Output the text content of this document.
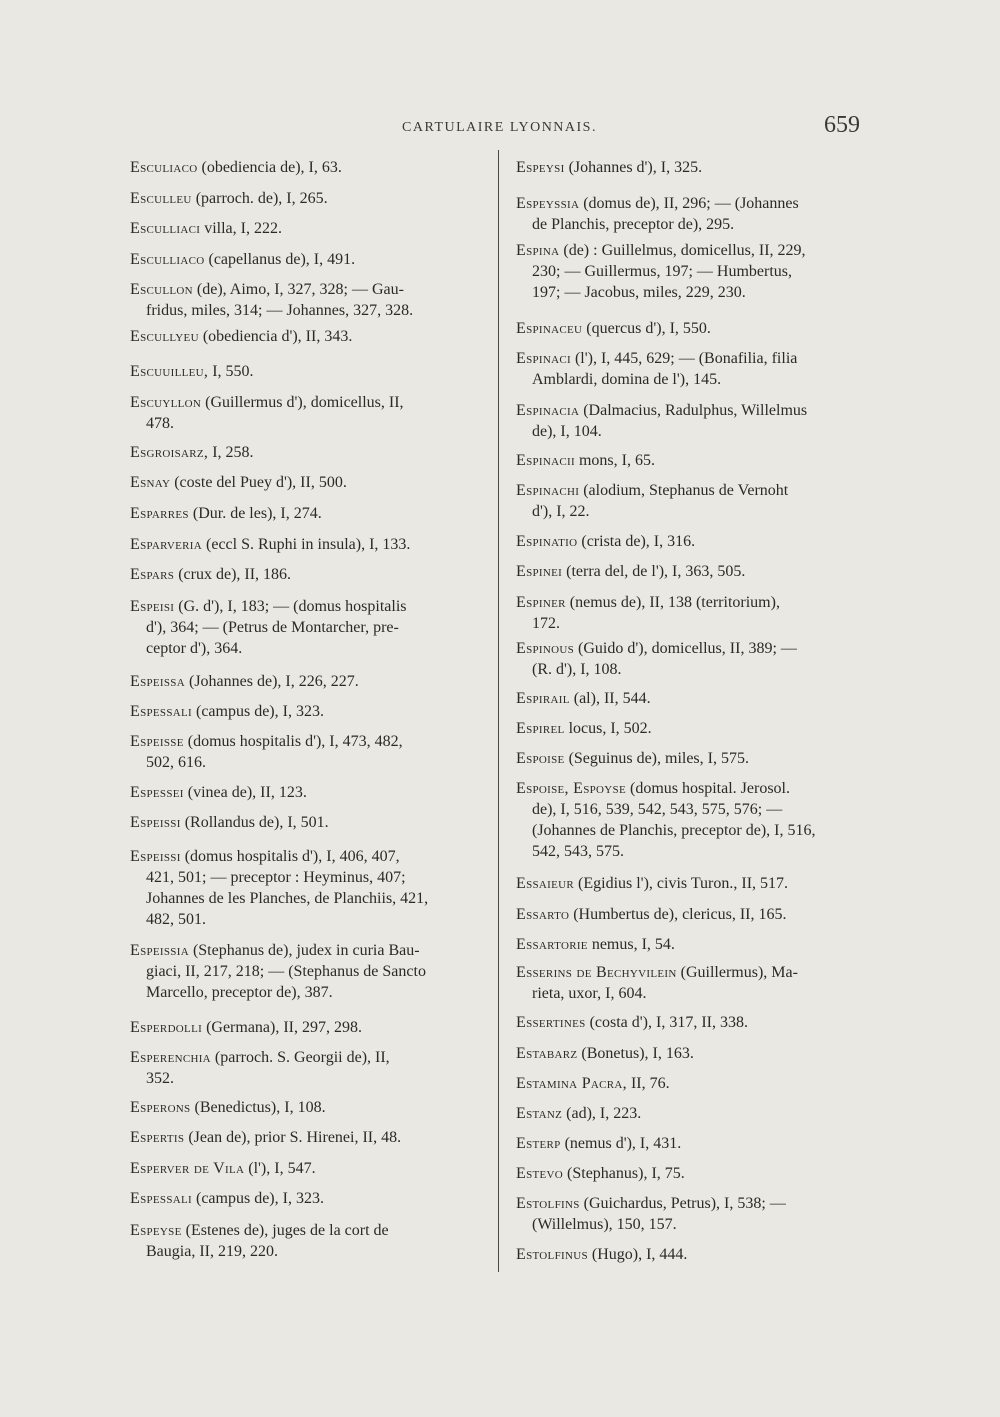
CARTULAIRE LYONNAIS.	659
Esculiaco (obediencia de), I, 63.
Esculleu (parroch. de), I, 265.
Esculliaci villa, I, 222.
Esculliaco (capellanus de), I, 491.
Escullon (de), Aimo, I, 327, 328; — Gau-
fridus, miles, 314; — Johannes, 327, 328.
Escullyeu (obediencia d'), II, 343.
Escuuilleu, I, 550.
Escuyllon (Guillermus d'), domicellus, II,
478.
Esgroisarz, I, 258.
Esnay (coste del Puey d'), II, 500.
Esparres (Dur. de les), I, 274.
Esparveria (eccl S. Ruphi in insula), I, 133.
Espars (crux de), II, 186.
Espeisi (G. d'), I, 183; — (domus hospitalis
d'), 364; — (Petrus de Montarcher, pre-
ceptor d'), 364.
Espeissa (Johannes de), I, 226, 227.
Espessali (campus de), I, 323.
Espeisse (domus hospitalis d'), I, 473, 482,
502, 616.
Espessei (vinea de), II, 123.
Espeissi (Rollandus de), I, 501.
Espeissi (domus hospitalis d'), I, 406, 407,
421, 501; — preceptor : Heyminus, 407;
Johannes de les Planches, de Planchiis, 421,
482, 501.
Espeissia (Stephanus de), judex in curia Bau-
giaci, II, 217, 218; — (Stephanus de Sancto
Marcello, preceptor de), 387.
Esperdolli (Germana), II, 297, 298.
Esperenchia (parroch. S. Georgii de), II,
352.
Esperons (Benedictus), I, 108.
Espertis (Jean de), prior S. Hirenei, II, 48.
Esperver de Vila (l'), I, 547.
Espessali (campus de), I, 323.
Espeyse (Estenes de), juges de la cort de
Baugia, II, 219, 220.
Espeysi (Johannes d'), I, 325.
Espeyssia (domus de), II, 296; — (Johannes
de Planchis, preceptor de), 295.
Espina (de) : Guillelmus, domicellus, II, 229,
230; — Guillermus, 197; — Humbertus,
197; — Jacobus, miles, 229, 230.
Espinaceu (quercus d'), I, 550.
Espinaci (l'), I, 445, 629; — (Bonafilia, filia
Amblardi, domina de l'), 145.
Espinacia (Dalmacius, Radulphus, Willelmus
de), I, 104.
Espinacii mons, I, 65.
Espinachi (alodium, Stephanus de Vernoht
d'), I, 22.
Espinatio (crista de), I, 316.
Espinei (terra del, de l'), I, 363, 505.
Espiner (nemus de), II, 138 (territorium),
172.
Espinous (Guido d'), domicellus, II, 389; —
(R. d'), I, 108.
Espirail (al), II, 544.
Espirel locus, I, 502.
Espoise (Seguinus de), miles, I, 575.
Espoise, Espoyse (domus hospital. Jerosol.
de), I, 516, 539, 542, 543, 575, 576; —
(Johannes de Planchis, preceptor de), I, 516,
542, 543, 575.
Essaieur (Egidius l'), civis Turon., II, 517.
Essarto (Humbertus de), clericus, II, 165.
Essartorie nemus, I, 54.
Esserins de Bechyvilein (Guillermus), Ma-
rieta, uxor, I, 604.
Essertines (costa d'), I, 317, II, 338.
Estabarz (Bonetus), I, 163.
Estamina Pacra, II, 76.
Estanz (ad), I, 223.
Esterp (nemus d'), I, 431.
Estevo (Stephanus), I, 75.
Estolfins (Guichardus, Petrus), I, 538; —
(Willelmus), 150, 157.
Estolfinus (Hugo), I, 444.
